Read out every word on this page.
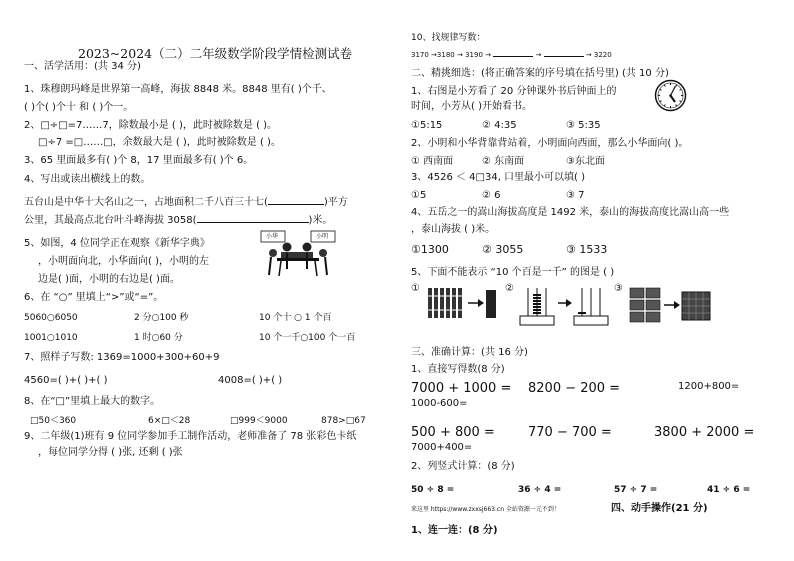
2023~2024（二）二年级数学阶段学情检测试卷
一、活学活用：(共 34 分)
1、珠穆朗玛峰是世界第一高峰，海拔 8848 米。8848 里有( )个千、
( )个( )个十 和 ( )个一。
2、□÷□=7……7，除数最小是 ( )，此时被除数是 ( )。
□÷7 =□……□，余数最大是 ( )，此时被除数是 ( )。
3、65 里面最多有( )个 8，17 里面最多有( )个 6。
4、写出或读出横线上的数。
五台山是中华十大名山之一，占地面积二千八百三十七(	)平方
公里，其最高点北台叶斗峰海拔 3058(	)米。
5、如图，4 位同学正在观察《新华字典》
，小明面向北，小华面向( )，小明的左
边是( )面，小明的右边是( )面。
小华	小明
6、在 “○” 里填上“>”或“=”。
5060○6050	2 分○100 秒	10 个十 ○ 1 个百
1001○1010	1 时○60 分	10 个一千○100 个一百
7、照样子写数: 1369=1000+300+60+9
4560=( )+( )+( )	4008=( )+( )
8、在“□”里填上最大的数字。
□50＜360	6×□＜28	□999＜9000	878>□67
9、二年级(1)班有 9 位同学参加手工制作活动，老师准备了 78 张彩色卡纸
，每位同学分得 ( )张, 还剩 ( )张
10、找规律写数：
3170 →3180 → 3190 →	→	→ 3220
二、精挑细选：(将正确答案的序号填在括号里) (共 10 分)
1、右图是小芳看了 20 分钟课外书后钟面上的
时间，小芳从( )开始看书。
①5:15	② 4:35	③ 5:35
2、小明和小华背靠背站着，小明面向西面，那么小华面向( )。
① 西南面	② 东南面	③东北面
3、4526 ＜ 4□34, 口里最小可以填( )
①5	② 6	③ 7
4、五岳之一的嵩山海拔高度是 1492 米，泰山的海拔高度比嵩山高一些
，泰山海拔 ( )米。
①1300	② 3055	③ 1533
5、下面不能表示 “10 个百是一千” 的图是 ( )
①	②	③
三、准确计算：(共 16 分)
1、直接写得数(8 分)
7000 + 1000 = 8200 − 200 =	1200+800=
1000-600=
500 + 800 =	770 − 700 =	3800 + 2000 =
7000+400=
2、列竖式计算：(8 分)
50 ÷ 8 =	36 ÷ 4 =	57 ÷ 7 =	41 ÷ 6 =
来这里 https://www.zxxsj663.cn 全站资源一元不到！	四、动手操作(21 分)
1、连一连：(8 分)
